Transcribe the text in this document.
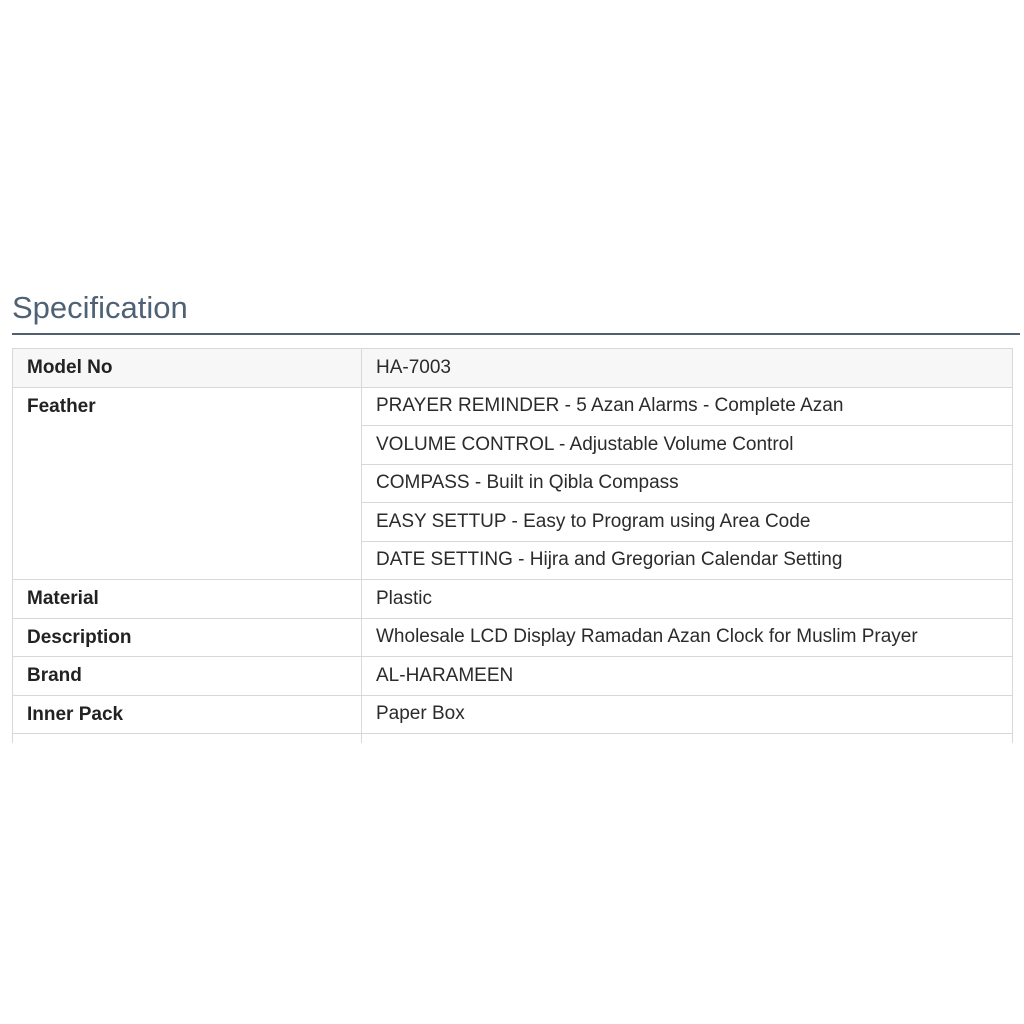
Specification
Model No	HA-7003
Feather	PRAYER REMINDER - 5 Azan Alarms - Complete Azan
	VOLUME CONTROL - Adjustable Volume Control
	COMPASS - Built in Qibla Compass
	EASY SETTUP - Easy to Program using Area Code
	DATE SETTING - Hijra and Gregorian Calendar Setting
Material	Plastic
Description	Wholesale LCD Display Ramadan Azan Clock for Muslim Prayer
Brand	AL-HARAMEEN
Inner Pack	Paper Box
